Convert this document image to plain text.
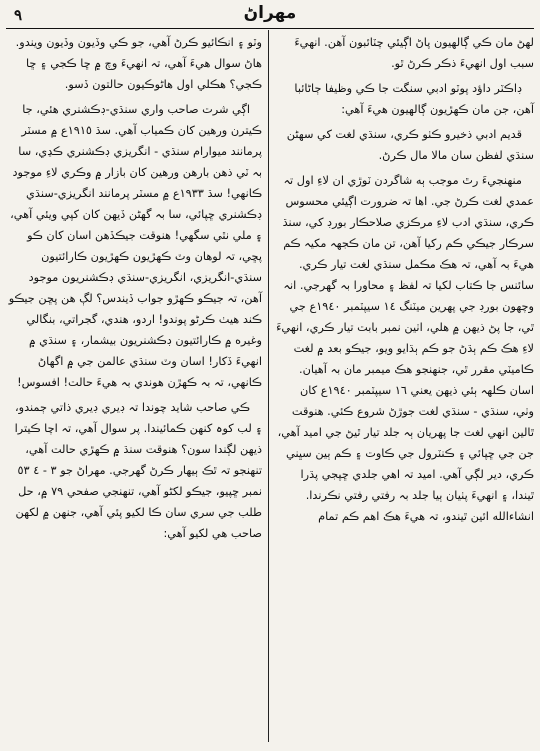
٩	مهراڻ

لهڻ مان ڪي ڳالهيون پاڻ اڳيئي چٽائبون آهن. انهيءَ سبب اول انهيءَ ذڪر ڪرڻ ٿو.

ڊاڪٽر داؤد پوٽو ادبي سنگت جا ڪي وظيفا ڄاڻائبا آهن، جن مان ڪهڙيون ڳالهيون هيءَ آهي:

قديم ادبي ذخيرو ڪٺو ڪري، سنڌي لغت کي سهڻن سنڌي لفظن سان مالا مال ڪرڻ.

منهنجيءَ رٿ موجب ٻه شاگردن ٽوڙي ان لاءِ اول تہ عمدي لغت ڪرڻ جي. اها تہ ضرورت اڳيئي محسوس ڪري، سنڌي ادب لاءِ مرڪزي صلاحڪار بورڊ کي، سنڌ سرڪار جيڪي ڪم رکيا آهن، تن مان ڪجهہ مکيہ ڪم هيءَ بہ آهي، تہ هڪ مڪمل سنڌي لغت تيار ڪري. سائنس جا ڪتاب لکيا تہ لفظ ۽ محاورا بہ گهرجي. انہ وچهون بورڊ جي پهرين ميٽنگ ١٤ سيپٽمبر ١٩٤٠ع جي ٿي، جا پڻ ذيهن ۾ هلي، اٺين نمبر بابت تيار ڪري، انهيءَ لاءِ هڪ ڪم ٻڌڻ جو ڪم ٻڌايو ويو، جيڪو بعد ۾ لغت ڪاميٽي مقرر ٿي، جنهنجو هڪ ميمبر مان بہ آهيان. اسان ڪلهہ ٻئي ذيهن يعني ١٦ سيپٽمبر ١٩٤٠ع کان وٺي، سنڌي - سنڌي لغت جوڙڻ شروع ڪئي. هنوقت ٿالين انهي لغت جا پهريان ٻہ جلد تيار ٿيڻ جي اميد آهي، جن جي ڇپائي ۽ ڪنٽرول جي ڪاوت ۽ ڪم ٻين سڀني ڪري، دير لڳي آهي. اميد تہ اهي جلدي ڇپجي پڌرا ٿيندا، ۽ انهيءَ پٺيان ٻيا جلد بہ رفتي رفتي نڪرندا. انشاءالله ائين ٿيندو، تہ هيءَ هڪ اهم ڪم تمام

وٽو ۽ انڪائيو ڪرڻ آهي، جو ڪي وڏيون وڏيون ويندو. هاڻ سوال هيءَ آهي، تہ انهيءَ وچ ۾ ڇا ڪجي ۽ ڇا ڪجي؟ هڪلي اول هاڻوڪيون حالتون ڏسو.

اڳي شرت صاحب واري سنڌي-ڊڪشنري هئي، جا ڪيترن ورهين کان ڪمياب آهي. سڌ ١٩١٥ع ۾ مسٽر پرمانند ميوارام سنڌي - انگريزي ڊڪشنري ڪڍي، سا بہ ٽي ذهن بارهن ورهين کان بازار ۾ وڪري لاءِ موجود ڪانهي! سڌ ١٩٣٣ع ۾ مسٽر پرمانند انگريزي-سنڌي ڊڪشنري ڇپائي، سا بہ گهڻن ڏيهن کان کپي ويئي آهي، ۽ ملي نٿي سگهي! هنوقت جيڪڏهن اسان کان ڪو پڇي، تہ لوهان وٽ ڪهڙيون ڪهڙيون ڪارائتيون سنڌي-انگريزي، انگريزي-سنڌي ڊڪشنريون موجود آهن، تہ جيڪو ڪهڙو جواب ڏيندس؟ لڳ هن پڇن جيڪو ڪند هيٺ ڪرڻو پوندو! اردو، هندي، گجراتي، بنگالي وغيره ۾ ڪارائتيون ڊڪشنريون بيشمار، ۽ سنڌي ۾ انهيءَ ڏکار! اسان وٽ سنڌي عالمن جي ۾ اگهاڻ ڪانهي، تہ بہ ڪهڙن هوندي بہ هيءَ حالت! افسوس!

ڪي صاحب شايد چوندا تہ ڊيري ڊيري ذاتي ڄمندو، ۽ لب کوہ کنهن ڪمائيندا. پر سوال آهي، تہ اچا ڪيترا ذيهن لڳندا سون؟ هنوقت سنڌ ۾ ڪهڙي حالت آهي، تنهنجو تہ ٿڪ ٻيهار ڪرڻ گهرجي. مهراڻ جو ٣ - ٤ ٥٣ نمبر ڇپيو، جيڪو لکڻو آهي، تنهنجي صفحي ٧٩ ۾، حل طلب جي سري سان ڪا لکيو پئي آهي، جنهن ۾ لکهن صاحب هي لکيو آهي:
